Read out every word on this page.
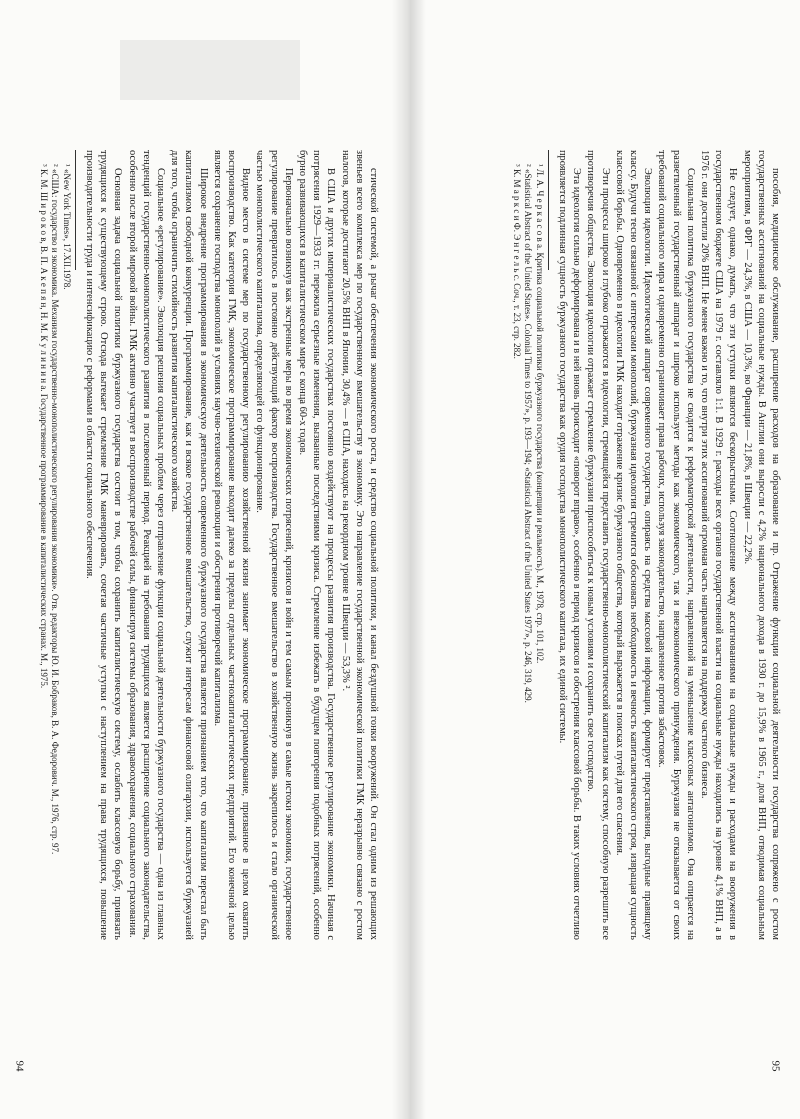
стической системой, а рычаг обеспечения экономического роста, и средство социальной политики, и канал бездушной гонки вооружений. Он стал одним из решающих звеньев всего комплекса мер по государственному вмешательству в экономику. Это направление государственной экономической политики ГМК неразрывно связано с ростом налогов, которые достигают 20,5% ВНП в Японии, 30,4% — в США, находясь на рекордном уровне в Швеции — 53,3% ².

В США и других империалистических государствах постоянно воздействуют на процессы развития производства. Государственное регулирование экономики. Начиная с потрясения 1929—1933 гг. пережила серьезные изменения, вызванные последствиями кризиса. Стремление избежать в будущем повторения подобных потрясений, особенно бурно развивающихся в капиталистическом мире с конца 60-х годов.

Первоначально возникнув как экстренные меры во время экономических потрясений, кризисов и войн и тем самым проникнув в самые истоки экономики, государственное регулирование превратилось в постоянно действующий фактор воспроизводства. Государственное вмешательство в хозяйственную жизнь закрепилось и стало органической частью монополистического капитализма, определяющей его функционирование.

Видное место в системе мер по государственному регулированию хозяйственной жизни занимает экономическое программирование, призванное в целом охватить воспроизводство. Как категория ГМК, экономическое программирование выходит далеко за пределы отдельных частнокапиталистических предприятий. Его конечной целью является сохранение господства монополий в условиях научно-технической революции и обострения противоречий капитализма.

Широкое внедрение программирования в экономическую деятельность современного буржуазного государства является признанием того, что капитализм перестал быть капитализмом свободной конкуренции. Программирование, как и всякое государственное вмешательство, служит интересам финансовой олигархии, используется буржуазией для того, чтобы ограничить стихийность развития капиталистического хозяйства.

Социальное «регулирование». Эволюция решения социальных проблем через отправление функции социальной деятельности буржуазного государства — одна из главных тенденций государственно-монополистического развития в послевоенный период. Реакцией на требования трудящихся является расширение социального законодательства, особенно после второй мировой войны. ГМК активно участвует в воспроизводстве рабочей силы, финансируя системы образования, здравоохранения, социального страхования.

Основная задача социальной политики буржуазного государства состоит в том, чтобы сохранить капиталистическую систему, ослабить классовую борьбу, привязать трудящихся к существующему строю. Отсюда вытекает стремление ГМК маневрировать, сочетая частичные уступки с наступлением на права трудящихся, повышение производительности труда и интенсификацию с реформами в области социального обеспечения.

¹ «New York Times», 17.XII.1978.

² «США: государство и экономика. Механизм государственно-монополистического регулирования экономики». Отв. редакторы Ю. И. Бобраков, В. А. Федорович. М., 1976, стр. 97.

³ К. М. Ш и р о к о в, В. П. А к е п я н, Н. М. К у л и н и н а. Государственное программирование в капиталистических странах. М., 1975.

94

пособия, медицинское обслуживание, расширение расходов на образование и пр. Отражение функции социальной деятельности государства сопряжено с ростом государственных ассигнований на социальные нужды. В Англии они выросли с 4,2% национального дохода в 1930 г. до 15,9% в 1965 г., доля ВНП, отводимая социальным мероприятиям, в ФРГ — 24,3%, в США — 10,3%, во Франции — 21,8%, в Швеции — 22,2%.

Не следует, однако, думать, что эти уступки являются бескорыстными. Соотношение между ассигнованиями на социальные нужды и расходами на вооружения в государственном бюджете США на 1979 г. составляло 1:1. В 1929 г. расходы всех органов государственной власти на социальные нужды находились на уровне 4,1% ВНП, а в 1976 г. они достигли 20% ВНП. Не менее важно и то, что внутри этих ассигнований огромная часть направляется на поддержку частного бизнеса.

Социальная политика буржуазного государства не сводится к реформаторской деятельности, направленной на уменьшение классовых антагонизмов. Она опирается на разветвленный государственный аппарат и широко использует методы как экономического, так и внеэкономического принуждения. Буржуазия не отказывается от своих требований социального мира и одновременно ограничивает права рабочих, используя законодательство, направленное против забастовок.

Эволюция идеологии. Идеологический аппарат современного государства, опираясь на средства массовой информации, формирует представления, выгодные правящему классу. Будучи тесно связанной с интересами монополий, буржуазная идеология стремится обосновать необходимость и вечность капиталистического строя, извращая сущность классовой борьбы. Одновременно в идеологии ГМК находит отражение кризис буржуазного общества, который выражается в поисках путей для его спасения.

Эти процессы широко и глубоко отражаются в идеологии, стремящейся представить государственно-монополистический капитализм как систему, способную разрешить все противоречия общества. Эволюция идеологии отражает стремление буржуазии приспособиться к новым условиям и сохранить свое господство.

Эта идеология сильно деформирована и в ней вновь происходит «поворот вправо», особенно в период кризисов и обострения классовой борьбы. В таких условиях отчетливо проявляется подлинная сущность буржуазного государства как орудия господства монополистического капитала, их единой системы.

¹ Л. А. Ч е р к а с о в а. Критика социальной политики буржуазного государства (концепции и реальность). М., 1978, стр. 101, 102.

² «Statistical Abstract of the United States». Colonial Times to 1957», р. 193—194; «Statistical Abstract of the United States 1977», р. 246, 319, 429.

³ К. М а р к с и Ф. Э н г е л ь с. Соч., т. 23, стр. 282.

95
